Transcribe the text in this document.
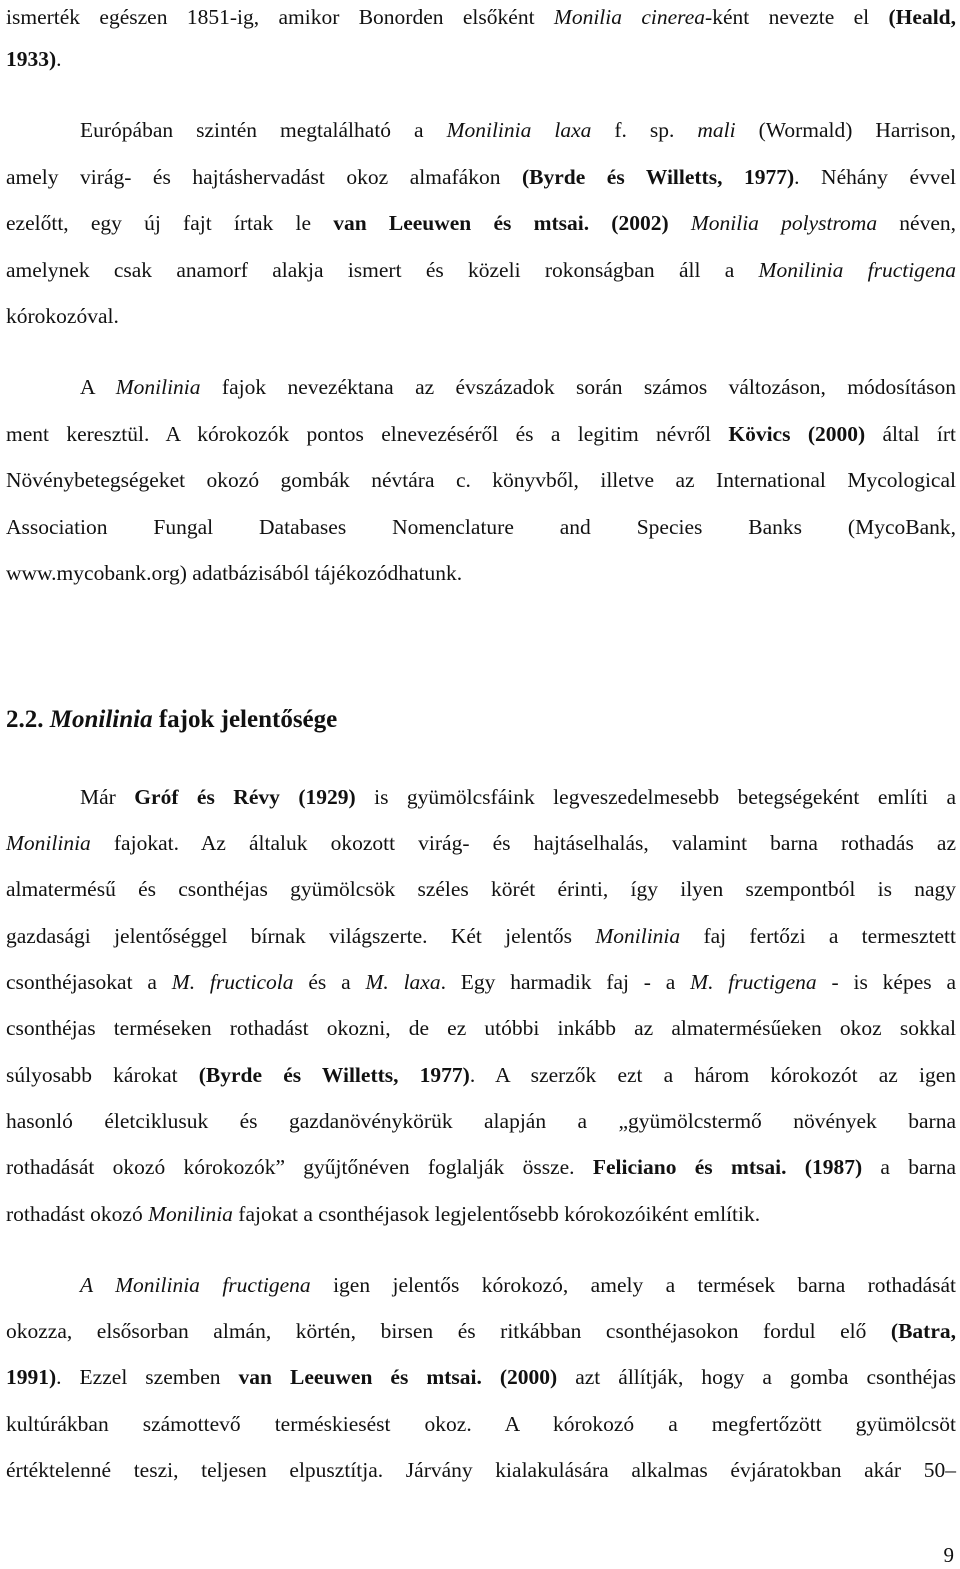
ismerték egészen 1851-ig, amikor Bonorden elsőként Monilia cinerea-ként nevezte el (Heald,
1933).
Európában szintén megtalálható a Monilinia laxa f. sp. mali (Wormald) Harrison,
amely virág- és hajtáshervadást okoz almafákon (Byrde és Willetts, 1977). Néhány évvel
ezelőtt, egy új fajt írtak le van Leeuwen és mtsai. (2002) Monilia polystroma néven,
amelynek csak anamorf alakja ismert és közeli rokonságban áll a Monilinia fructigena
kórokozóval.
A Monilinia fajok nevezéktana az évszázadok során számos változáson, módosításon
ment keresztül. A kórokozók pontos elnevezéséről és a legitim névről Kövics (2000) által írt
Növénybetegségeket okozó gombák névtára c. könyvből, illetve az International Mycological
Association Fungal Databases Nomenclature and Species Banks (MycoBank,
www.mycobank.org) adatbázisából tájékozódhatunk.
2.2. Monilinia fajok jelentősége
Már Gróf és Révy (1929) is gyümölcsfáink legveszedelmesebb betegségeként említi a
Monilinia fajokat. Az általuk okozott virág- és hajtáselhalás, valamint barna rothadás az
almatermésű és csonthéjas gyümölcsök széles körét érinti, így ilyen szempontból is nagy
gazdasági jelentőséggel bírnak világszerte. Két jelentős Monilinia faj fertőzi a termesztett
csonthéjasokat a M. fructicola és a M. laxa. Egy harmadik faj - a M. fructigena - is képes a
csonthéjas terméseken rothadást okozni, de ez utóbbi inkább az almatermésűeken okoz sokkal
súlyosabb károkat (Byrde és Willetts, 1977). A szerzők ezt a három kórokozót az igen
hasonló életciklusuk és gazdanövénykörük alapján a „gyümölcstermő növények barna
rothadását okozó kórokozók” gyűjtőnéven foglalják össze. Feliciano és mtsai. (1987) a barna
rothadást okozó Monilinia fajokat a csonthéjasok legjelentősebb kórokozóiként említik.
A Monilinia fructigena igen jelentős kórokozó, amely a termések barna rothadását
okozza, elsősorban almán, körtén, birsen és ritkábban csonthéjasokon fordul elő (Batra,
1991). Ezzel szemben van Leeuwen és mtsai. (2000) azt állítják, hogy a gomba csonthéjas
kultúrákban számottevő terméskiesést okoz. A kórokozó a megfertőzött gyümölcsöt
értéktelenné teszi, teljesen elpusztítja. Járvány kialakulására alkalmas évjáratokban akár 50–
9
